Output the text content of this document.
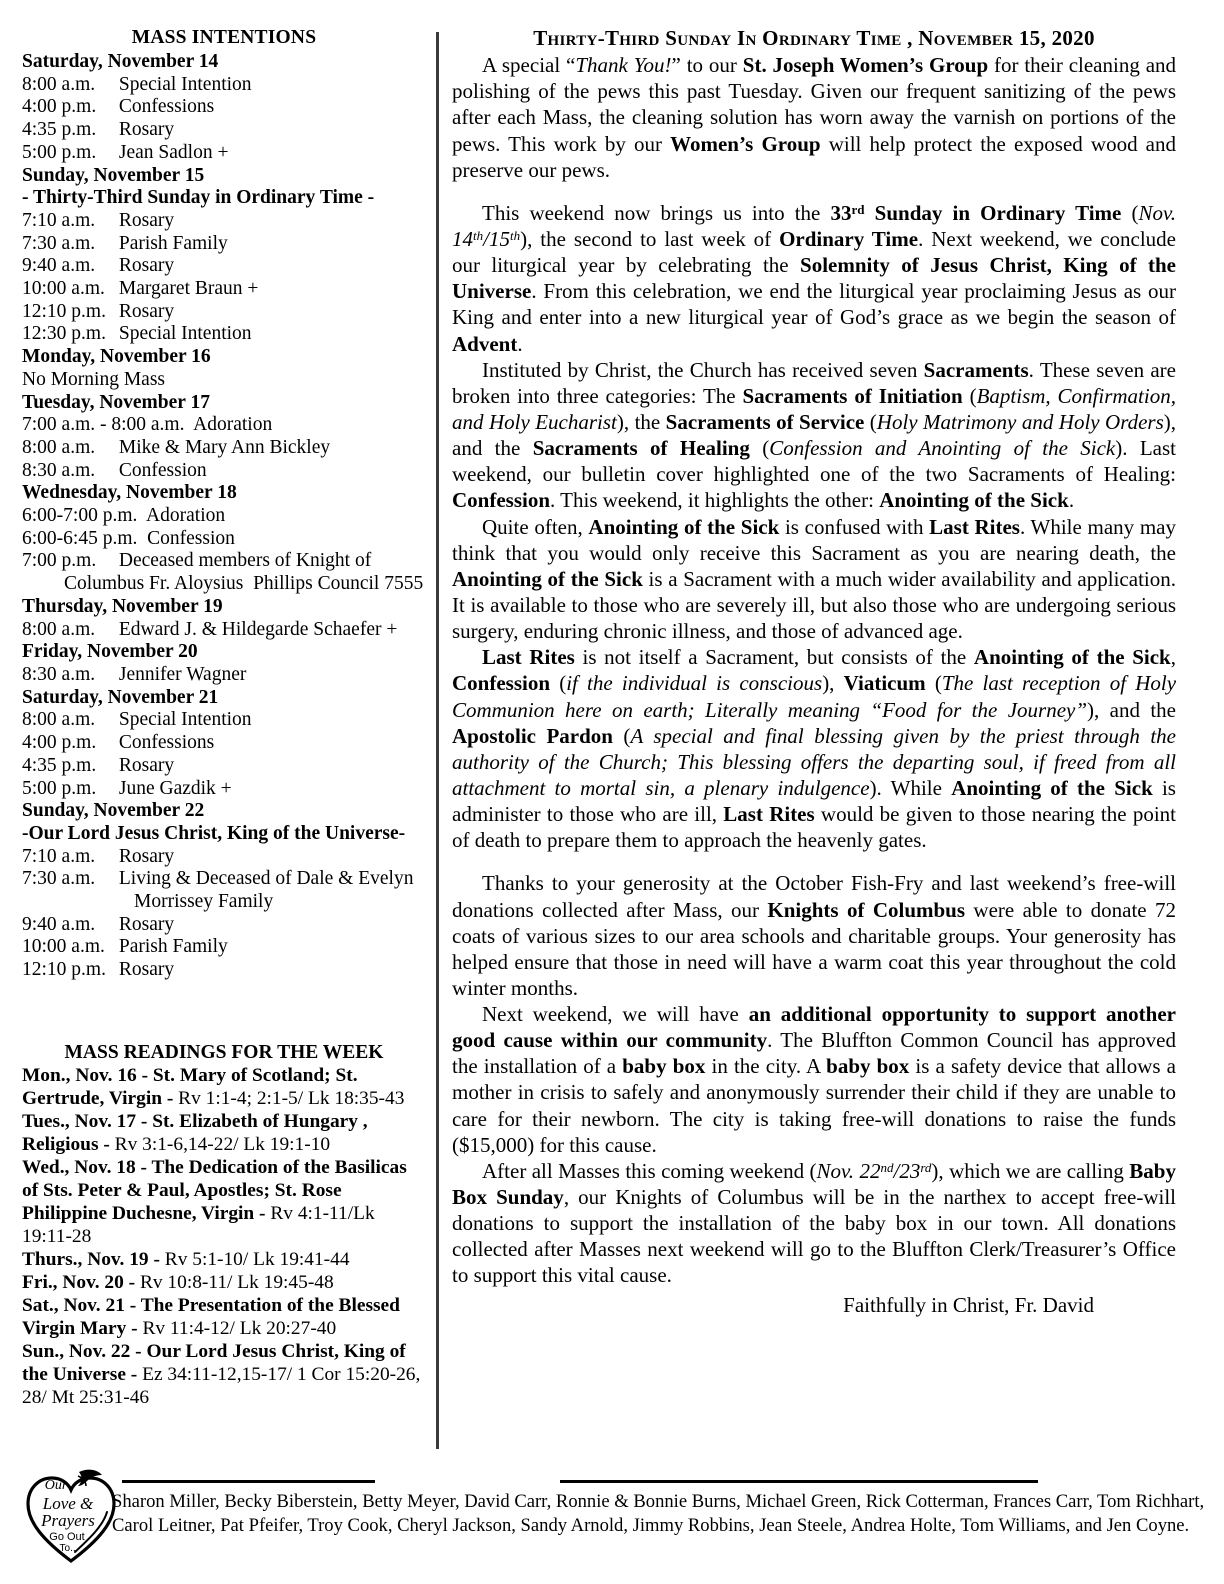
MASS INTENTIONS
Saturday, November 14
8:00 a.m. Special Intention
4:00 p.m. Confessions
4:35 p.m. Rosary
5:00 p.m. Jean Sadlon +
Sunday, November 15
- Thirty-Third Sunday in Ordinary Time -
7:10 a.m. Rosary
7:30 a.m. Parish Family
9:40 a.m. Rosary
10:00 a.m. Margaret Braun +
12:10 p.m. Rosary
12:30 p.m. Special Intention
Monday, November 16
No Morning Mass
Tuesday, November 17
7:00 a.m. - 8:00 a.m.  Adoration
8:00 a.m. Mike & Mary Ann Bickley
8:30 a.m. Confession
Wednesday, November 18
6:00-7:00 p.m.  Adoration
6:00-6:45 p.m.  Confession
7:00 p.m. Deceased members of Knight of
Columbus Fr. Aloysius  Phillips Council 7555
Thursday, November 19
8:00 a.m. Edward J. & Hildegarde Schaefer +
Friday, November 20
8:30 a.m. Jennifer Wagner
Saturday, November 21
8:00 a.m. Special Intention
4:00 p.m. Confessions
4:35 p.m. Rosary
5:00 p.m. June Gazdik +
Sunday, November 22
-Our Lord Jesus Christ, King of the Universe-
7:10 a.m. Rosary
7:30 a.m. Living & Deceased of Dale & Evelyn
Morrissey Family
9:40 a.m. Rosary
10:00 a.m. Parish Family
12:10 p.m. Rosary
MASS READINGS FOR THE WEEK
Mon., Nov. 16 - St. Mary of Scotland; St. Gertrude, Virgin - Rv 1:1-4; 2:1-5/ Lk 18:35-43
Tues., Nov. 17 - St. Elizabeth of Hungary , Religious - Rv 3:1-6,14-22/ Lk 19:1-10
Wed., Nov. 18 - The Dedication of the Basilicas of Sts. Peter & Paul, Apostles; St. Rose Philippine Duchesne, Virgin - Rv 4:1-11/Lk 19:11-28
Thurs., Nov. 19 - Rv 5:1-10/ Lk 19:41-44
Fri., Nov. 20 - Rv 10:8-11/ Lk 19:45-48
Sat., Nov. 21 - The Presentation of the Blessed Virgin Mary - Rv 11:4-12/ Lk 20:27-40
Sun., Nov. 22 - Our Lord Jesus Christ, King of the Universe - Ez 34:11-12,15-17/ 1 Cor 15:20-26, 28/ Mt 25:31-46
Thirty-Third Sunday In Ordinary Time , November 15, 2020

A special “Thank You!” to our St. Joseph Women’s Group for their cleaning and polishing of the pews this past Tuesday. Given our frequent sanitizing of the pews after each Mass, the cleaning solution has worn away the varnish on portions of the pews. This work by our Women’s Group will help protect the exposed wood and preserve our pews.

This weekend now brings us into the 33rd Sunday in Ordinary Time (Nov. 14th/15th), the second to last week of Ordinary Time. Next weekend, we conclude our liturgical year by celebrating the Solemnity of Jesus Christ, King of the Universe. From this celebration, we end the liturgical year proclaiming Jesus as our King and enter into a new liturgical year of God’s grace as we begin the season of Advent.

Instituted by Christ, the Church has received seven Sacraments. These seven are broken into three categories: The Sacraments of Initiation (Baptism, Confirmation, and Holy Eucharist), the Sacraments of Service (Holy Matrimony and Holy Orders), and the Sacraments of Healing (Confession and Anointing of the Sick). Last weekend, our bulletin cover highlighted one of the two Sacraments of Healing: Confession. This weekend, it highlights the other: Anointing of the Sick.

Quite often, Anointing of the Sick is confused with Last Rites. While many may think that you would only receive this Sacrament as you are nearing death, the Anointing of the Sick is a Sacrament with a much wider availability and application. It is available to those who are severely ill, but also those who are undergoing serious surgery, enduring chronic illness, and those of advanced age.

Last Rites is not itself a Sacrament, but consists of the Anointing of the Sick, Confession (if the individual is conscious), Viaticum (The last reception of Holy Communion here on earth; Literally meaning “Food for the Journey”), and the Apostolic Pardon (A special and final blessing given by the priest through the authority of the Church; This blessing offers the departing soul, if freed from all attachment to mortal sin, a plenary indulgence). While Anointing of the Sick is administer to those who are ill, Last Rites would be given to those nearing the point of death to prepare them to approach the heavenly gates.

Thanks to your generosity at the October Fish-Fry and last weekend’s free-will donations collected after Mass, our Knights of Columbus were able to donate 72 coats of various sizes to our area schools and charitable groups. Your generosity has helped ensure that those in need will have a warm coat this year throughout the cold winter months.

Next weekend, we will have an additional opportunity to support another good cause within our community. The Bluffton Common Council has approved the installation of a baby box in the city. A baby box is a safety device that allows a mother in crisis to safely and anonymously surrender their child if they are unable to care for their newborn. The city is taking free-will donations to raise the funds ($15,000) for this cause.

After all Masses this coming weekend (Nov. 22nd/23rd), which we are calling Baby Box Sunday, our Knights of Columbus will be in the narthex to accept free-will donations to support the installation of the baby box in our town. All donations collected after Masses next weekend will go to the Bluffton Clerk/Treasurer’s Office to support this vital cause.

Faithfully in Christ, Fr. David
Our
Love &
Prayers
Go Out
To...
Sharon Miller, Becky Biberstein, Betty Meyer, David Carr, Ronnie & Bonnie Burns, Michael Green, Rick Cotterman, Frances Carr, Tom Richhart, Carol Leitner, Pat Pfeifer, Troy Cook, Cheryl Jackson, Sandy Arnold, Jimmy Robbins, Jean Steele, Andrea Holte, Tom Williams, and Jen Coyne.
